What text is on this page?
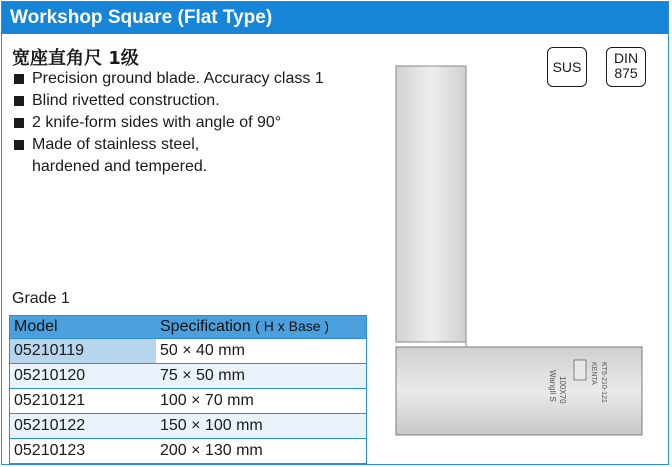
Workshop Square (Flat Type)
宽座直角尺 1级
Precision ground blade. Accuracy class 1
Blind rivetted construction.
2 knife-form sides with angle of 90°
Made of stainless steel,
hardened and tempered.
SUS
DIN
875
Wangll S 100X70
KENTA KT5-210-121
Grade 1
Model	Specification ( H x Base )
05210119	50 × 40 mm
05210120	75 × 50 mm
05210121	100 × 70 mm
05210122	150 × 100 mm
05210123	200 × 130 mm
